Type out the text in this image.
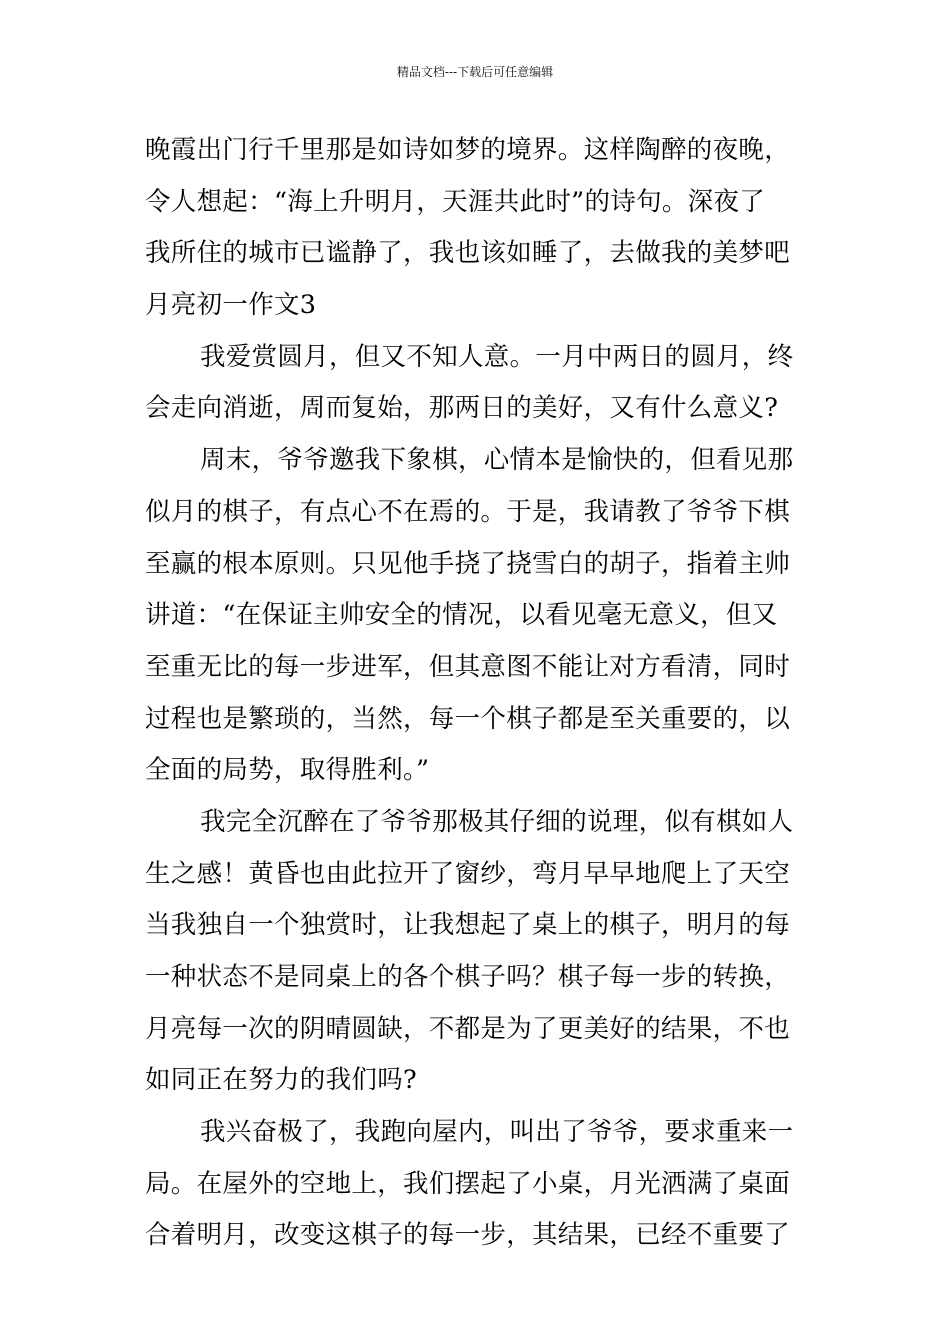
精品文档---下载后可任意编辑
晚霞出门行千里那是如诗如梦的境界。这样陶醉的夜晚，
令人想起：“海上升明月，天涯共此时”的诗句。深夜了
我所住的城市已谧静了，我也该如睡了，去做我的美梦吧
月亮初一作文3
我爱赏圆月，但又不知人意。一月中两日的圆月，终
会走向消逝，周而复始，那两日的美好，又有什么意义?
周末，爷爷邀我下象棋，心情本是愉快的，但看见那
似月的棋子，有点心不在焉的。于是，我请教了爷爷下棋
至赢的根本原则。只见他手挠了挠雪白的胡子，指着主帅
讲道：“在保证主帅安全的情况，以看见毫无意义，但又
至重无比的每一步进军，但其意图不能让对方看清，同时
过程也是繁琐的，当然，每一个棋子都是至关重要的，以
全面的局势，取得胜利。”
我完全沉醉在了爷爷那极其仔细的说理，似有棋如人
生之感！黄昏也由此拉开了窗纱，弯月早早地爬上了天空
当我独自一个独赏时，让我想起了桌上的棋子，明月的每
一种状态不是同桌上的各个棋子吗？棋子每一步的转换，
月亮每一次的阴晴圆缺，不都是为了更美好的结果，不也
如同正在努力的我们吗?
我兴奋极了，我跑向屋内，叫出了爷爷，要求重来一
局。在屋外的空地上，我们摆起了小桌，月光洒满了桌面
合着明月，改变这棋子的每一步，其结果，已经不重要了
